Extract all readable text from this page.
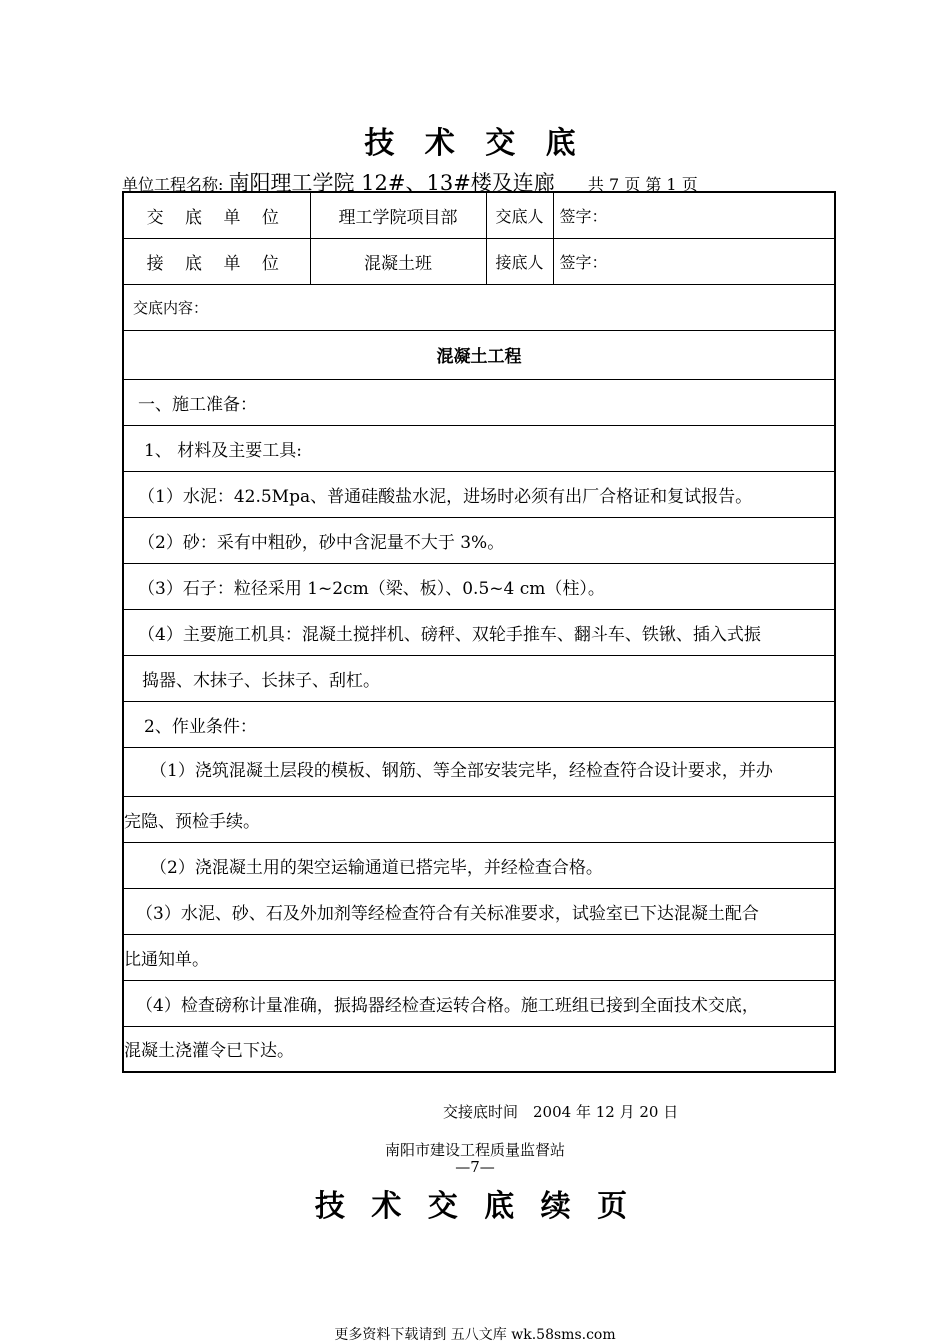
技 术 交 底
单位工程名称: 南阳理工学院 12#、13#楼及连廊 共 7 页 第 1 页
交 底 单 位	理工学院项目部	交底人	签字：
接 底 单 位	混凝土班	接底人	签字：
交底内容：			
混凝土工程			
一、施工准备：			
1、 材料及主要工具:			
（1）水泥：42.5Mpa、普通硅酸盐水泥，进场时必须有出厂合格证和复试报告。			
（2）砂：采有中粗砂，砂中含泥量不大于 3%。			
（3）石子：粒径采用 1~2cm（梁、板）、0.5~4 cm（柱）。			
（4）主要施工机具：混凝土搅拌机、磅秤、双轮手推车、翻斗车、铁锹、插入式振			
捣器、木抹子、长抹子、刮杠。			
2、作业条件：			

（1）浇筑混凝土层段的模板、钢筋、等全部安装完毕，经检查符合设计要求，并办			

完隐、预检手续。			
（2）浇混凝土用的架空运输通道已搭完毕，并经检查合格。			
（3）水泥、砂、石及外加剂等经检查符合有关标准要求，试验室已下达混凝土配合			
比通知单。			
（4）检查磅称计量准确，振捣器经检查运转合格。施工班组已接到全面技术交底，			
混凝土浇灌令已下达。			
交接底时间　2004 年 12 月 20 日
南阳市建设工程质量监督站
—7—
技 术 交 底 续 页
更多资料下载请到 五八文库 wk.58sms.com
